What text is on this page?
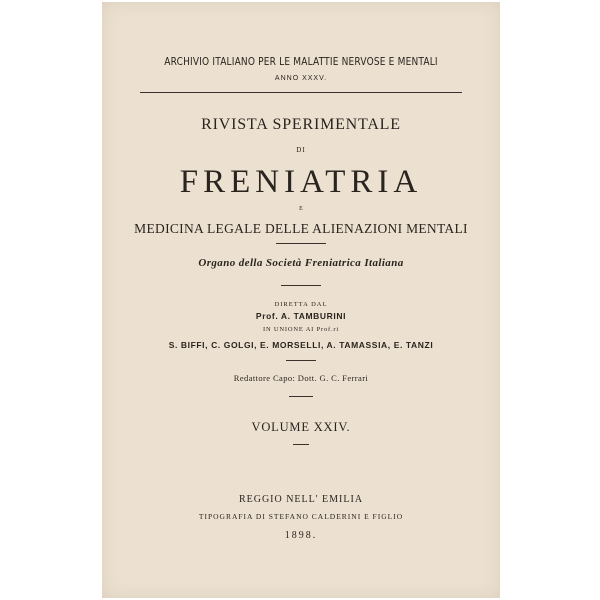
ARCHIVIO ITALIANO PER LE MALATTIE NERVOSE E MENTALI
ANNO XXXV.
RIVISTA SPERIMENTALE
DI
FRENIATRIA
E
MEDICINA LEGALE DELLE ALIENAZIONI MENTALI
Organo della Società Freniatrica Italiana
DIRETTA DAL
Prof. A. TAMBURINI
IN UNIONE AI Prof.ri
S. BIFFI, C. GOLGI, E. MORSELLI, A. TAMASSIA, E. TANZI
Redattore Capo: Dott. G. C. Ferrari
VOLUME XXIV.
REGGIO NELL' EMILIA
TIPOGRAFIA DI STEFANO CALDERINI E FIGLIO
1898.
